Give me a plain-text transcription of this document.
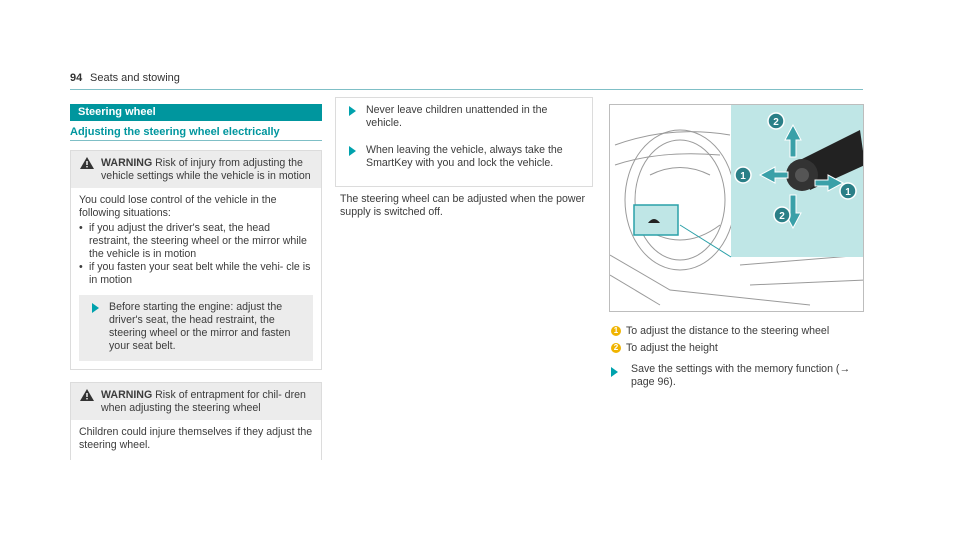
94 Seats and stowing
Steering wheel
Adjusting the steering wheel electrically
WARNING Risk of injury from adjusting the vehicle settings while the vehicle is in motion
You could lose control of the vehicle in the following situations:
• if you adjust the driver's seat, the head restraint, the steering wheel or the mirror while the vehicle is in motion
• if you fasten your seat belt while the vehi- cle is in motion
Before starting the engine: adjust the driver's seat, the head restraint, the steering wheel or the mirror and fasten your seat belt.
WARNING Risk of entrapment for chil- dren when adjusting the steering wheel
Children could injure themselves if they adjust the steering wheel.
Never leave children unattended in the vehicle.
When leaving the vehicle, always take the SmartKey with you and lock the vehicle.
The steering wheel can be adjusted when the power supply is switched off.
2
1
1
2
1 To adjust the distance to the steering wheel
2 To adjust the height
Save the settings with the memory function (→ page 96).
